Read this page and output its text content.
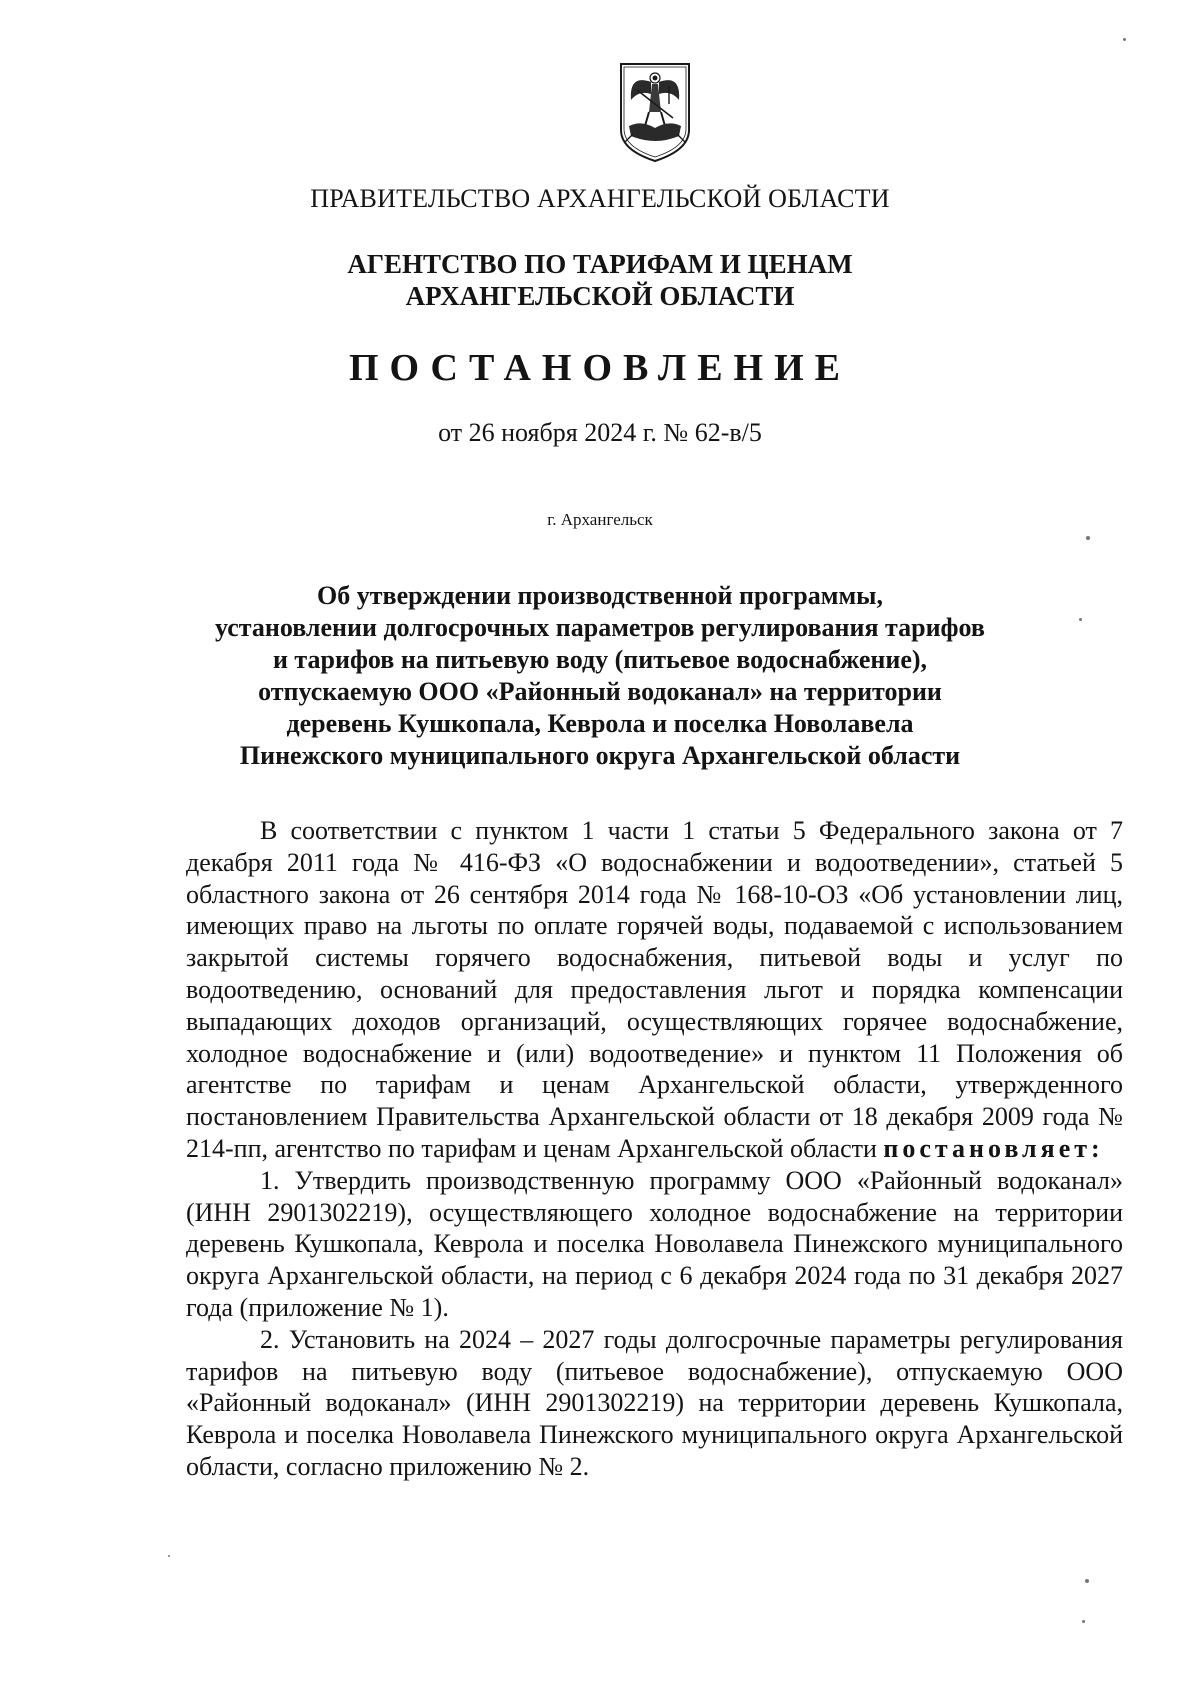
ПРАВИТЕЛЬСТВО АРХАНГЕЛЬСКОЙ ОБЛАСТИ

АГЕНТСТВО ПО ТАРИФАМ И ЦЕНАМ
АРХАНГЕЛЬСКОЙ ОБЛАСТИ

ПОСТАНОВЛЕНИЕ

от 26 ноября 2024 г. № 62-в/5

г. Архангельск

Об утверждении производственной программы,
установлении долгосрочных параметров регулирования тарифов
и тарифов на питьевую воду (питьевое водоснабжение),
отпускаемую ООО «Районный водоканал» на территории
деревень Кушкопала, Кеврола и поселка Новолавела
Пинежского муниципального округа Архангельской области

В соответствии с пунктом 1 части 1 статьи 5 Федерального закона от 7 декабря 2011 года № 416-ФЗ «О водоснабжении и водоотведении», статьей 5 областного закона от 26 сентября 2014 года № 168-10-ОЗ «Об установлении лиц, имеющих право на льготы по оплате горячей воды, подаваемой с использованием закрытой системы горячего водоснабжения, питьевой воды и услуг по водоотведению, оснований для предоставления льгот и порядка компенсации выпадающих доходов организаций, осуществляющих горячее водоснабжение, холодное водоснабжение и (или) водоотведение» и пунктом 11 Положения об агентстве по тарифам и ценам Архангельской области, утвержденного постановлением Правительства Архангельской области от 18 декабря 2009 года № 214-пп, агентство по тарифам и ценам Архангельской области постановляет:

1. Утвердить производственную программу ООО «Районный водоканал» (ИНН 2901302219), осуществляющего холодное водоснабжение на территории деревень Кушкопала, Кеврола и поселка Новолавела Пинежского муниципального округа Архангельской области, на период с 6 декабря 2024 года по 31 декабря 2027 года (приложение № 1).

2. Установить на 2024 – 2027 годы долгосрочные параметры регулирования тарифов на питьевую воду (питьевое водоснабжение), отпускаемую ООО «Районный водоканал» (ИНН 2901302219) на территории деревень Кушкопала, Кеврола и поселка Новолавела Пинежского муниципального округа Архангельской области, согласно приложению № 2.
